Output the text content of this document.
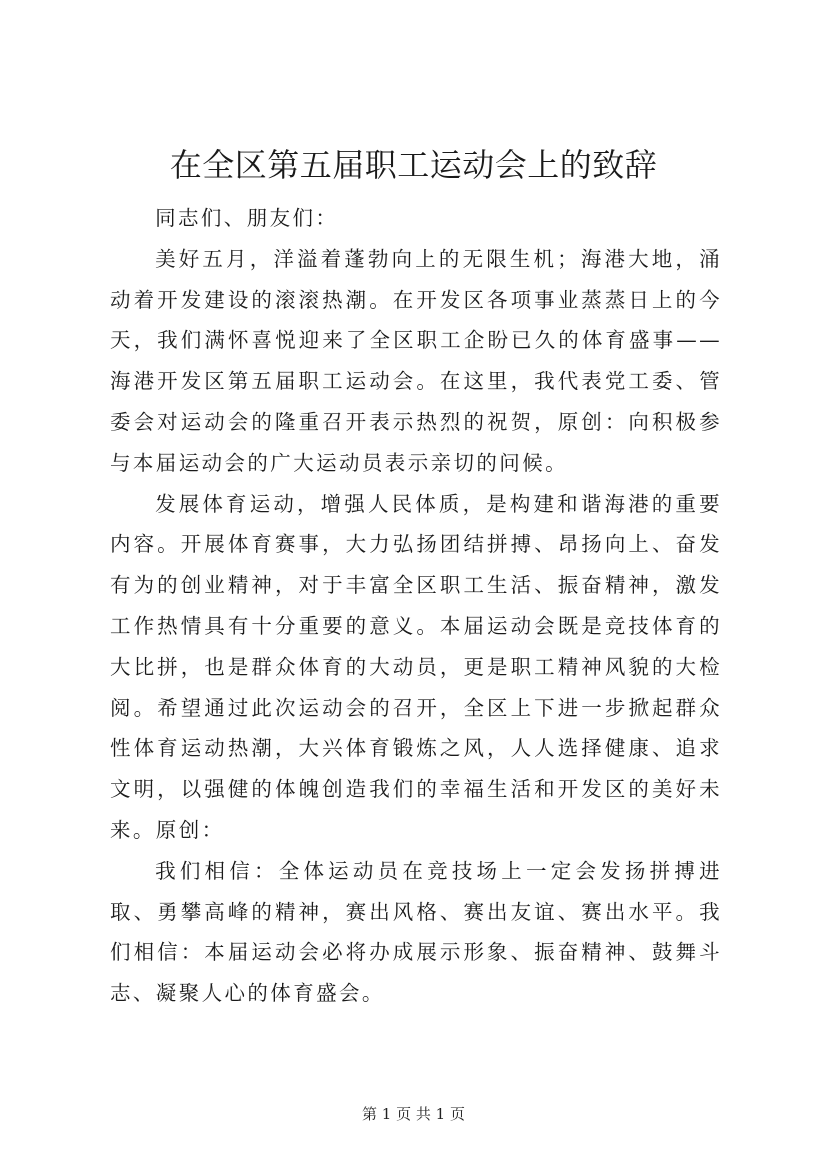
在全区第五届职工运动会上的致辞

同志们、朋友们：

美好五月，洋溢着蓬勃向上的无限生机；海港大地，涌动着开发建设的滚滚热潮。在开发区各项事业蒸蒸日上的今天，我们满怀喜悦迎来了全区职工企盼已久的体育盛事——海港开发区第五届职工运动会。在这里，我代表党工委、管委会对运动会的隆重召开表示热烈的祝贺，原创：向积极参与本届运动会的广大运动员表示亲切的问候。

发展体育运动，增强人民体质，是构建和谐海港的重要内容。开展体育赛事，大力弘扬团结拼搏、昂扬向上、奋发有为的创业精神，对于丰富全区职工生活、振奋精神，激发工作热情具有十分重要的意义。本届运动会既是竞技体育的大比拼，也是群众体育的大动员，更是职工精神风貌的大检阅。希望通过此次运动会的召开，全区上下进一步掀起群众性体育运动热潮，大兴体育锻炼之风，人人选择健康、追求文明，以强健的体魄创造我们的幸福生活和开发区的美好未来。原创：

我们相信：全体运动员在竞技场上一定会发扬拼搏进取、勇攀高峰的精神，赛出风格、赛出友谊、赛出水平。我们相信：本届运动会必将办成展示形象、振奋精神、鼓舞斗志、凝聚人心的体育盛会。

第 1 页 共 1 页
